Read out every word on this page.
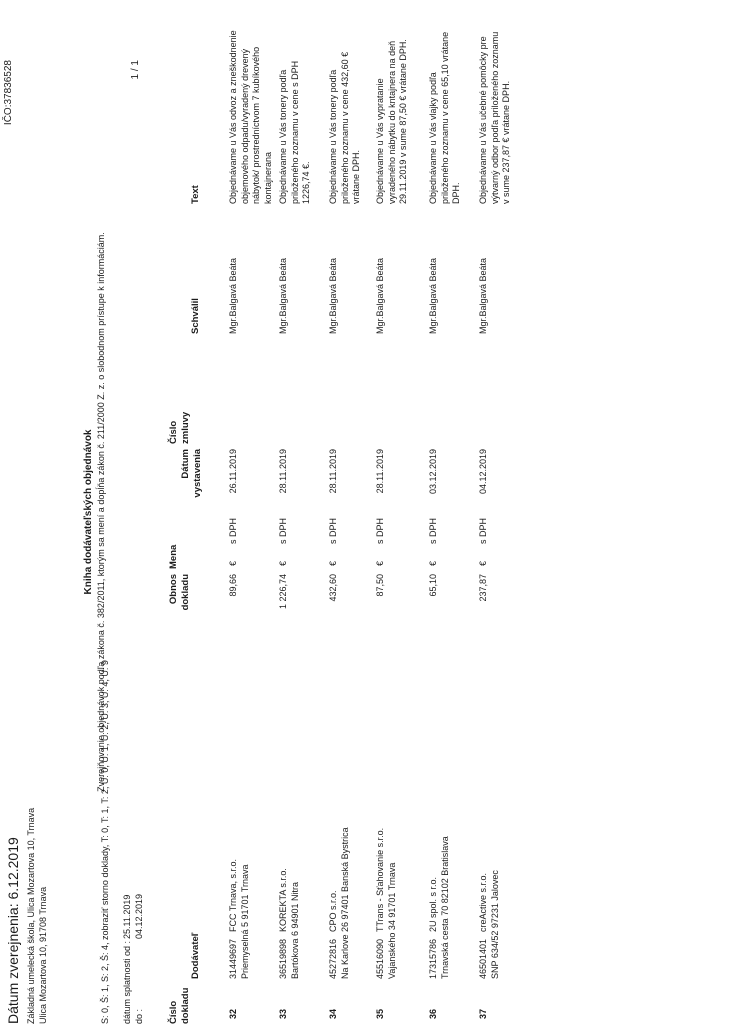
IČO:37836528	1 / 1
Základná umelecká škola, Ulica Mozartova 10, Trnava Ulica Mozartova 10, 91708 Trnava
Kniha dodávateľských objednávok Zverejňovanie objednávok podľa zákona č. 382/2011, ktorým sa mení a dopĺňa zákon č. 211/2000 Z. z. o slobodnom prístupe k informáciám.
S: 0, Š: 1, S: 2, Š: 4, zobraziť storno doklady, T: 0, T: 1, T: 2, U: 0, U: 1, U: 2, U: 3, U: 4, U: 9 dátum splatnosti od :25.11.2019
do :04.12.2019
Číslo dokladu
Dodávateľ
Obnos dokladu
Mena
Dátum vystavenia
Číslo zmluvy
Schválil
Text
32
31449697
FCC Trnava, s.r.o.
89,66
€
s DPH
26.11.2019
Mgr.Balgavá Beáta
Objednávame u Vás odvoz a zneškodnenie objemového odpadu/vyradený drevený nábytok/ prostredníctvom 7 kubíkového kontajnerana
Priemyselná 5 91701 Trnava
33
36519898
KOREKTA s.r.o.
1 226,74
€
s DPH
28.11.2019
Mgr.Balgavá Beáta
Objednávame u Vás tonery podľa priloženého zoznamu v cene s DPH 1226,74 €.
Bartókova 6 94901 Nitra
34
45272816
CPO s.r.o.
432,60
€
s DPH
28.11.2019
Mgr.Balgavá Beáta
Objednávame u Vás tonery podľa priloženého zoznamu v cene 432,60 € vrátane DPH.
Na Karlove 26 97401 Banská Bystrica
35
45516090
TTrans - Sťahovanie s.r.o.
87,50
€
s DPH
28.11.2019
Mgr.Balgavá Beáta
Objednávame u Vás vypratanie vyradeného nábytku do kntajnera na deň 29.11.2019 v sume 87,50 € vrátane DPH.
Vajanského 34 91701 Trnava
36
17315786
2U spol. s r.o.
65,10
€
s DPH
03.12.2019
Mgr.Balgavá Beáta
Objednávame u Vás vlajky podľa priloženého zoznamu v cene 65,10 vrátane DPH.
Trnavská cesta 70 82102 Bratislava
37
46501401
creActive s.r.o.
237,87
€
s DPH
04.12.2019
Mgr.Balgavá Beáta
Objednávame u Vás učebné pomôcky pre výtvarný odbor podľa priloženého zoznamu v sume 237,87 € vrátane DPH.
SNP 634/52 97231 Jalovec
Dátum zverejnenia: 6.12.2019
